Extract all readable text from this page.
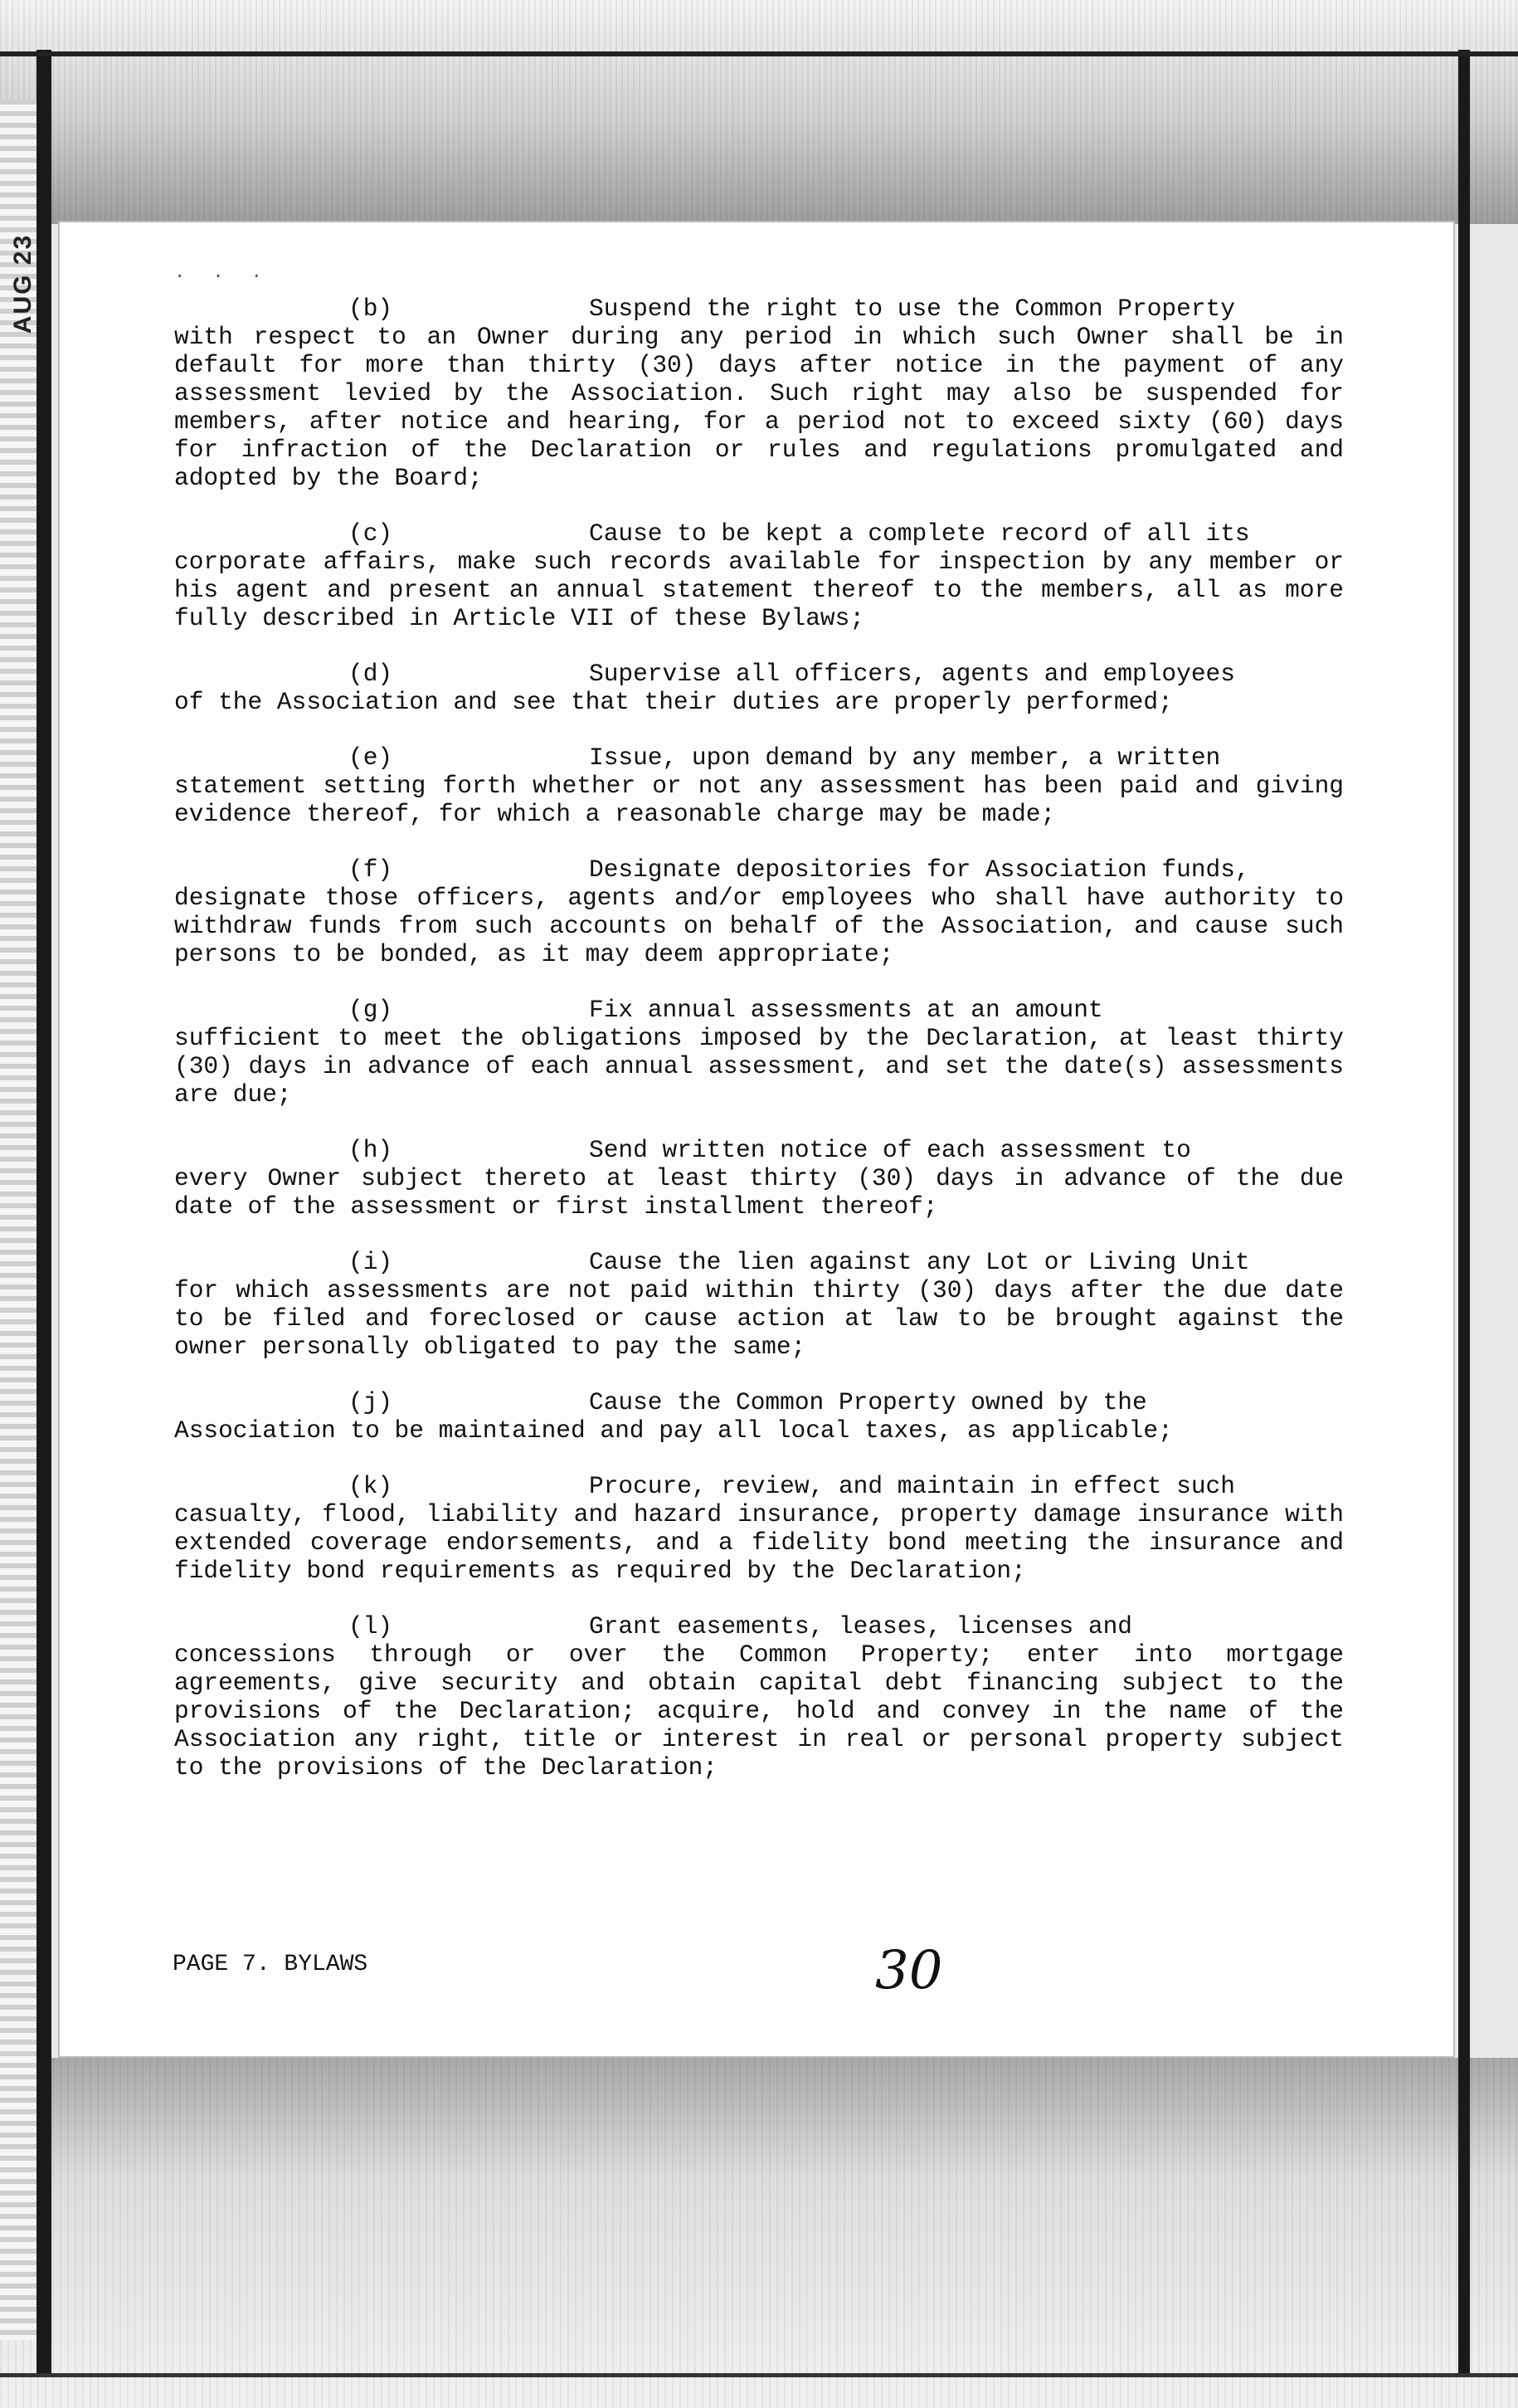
AUG 23	. . .

(b)	Suspend the right to use the Common Property
with respect to an Owner during any period in which such Owner shall be in default for more than thirty (30) days after notice in the payment of any assessment levied by the Association. Such right may also be suspended for members, after notice and hearing, for a period not to exceed sixty (60) days for infraction of the Declaration or rules and regulations promulgated and adopted by the Board;

(c)	Cause to be kept a complete record of all its
corporate affairs, make such records available for inspection by any member or his agent and present an annual statement thereof to the members, all as more fully described in Article VII of these Bylaws;

(d)	Supervise all officers, agents and employees
of the Association and see that their duties are properly performed;

(e)	Issue, upon demand by any member, a written
statement setting forth whether or not any assessment has been paid and giving evidence thereof, for which a reasonable charge may be made;

(f)	Designate depositories for Association funds,
designate those officers, agents and/or employees who shall have authority to withdraw funds from such accounts on behalf of the Association, and cause such persons to be bonded, as it may deem appropriate;

(g)	Fix annual assessments at an amount
sufficient to meet the obligations imposed by the Declaration, at least thirty (30) days in advance of each annual assessment, and set the date(s) assessments are due;

(h)	Send written notice of each assessment to
every Owner subject thereto at least thirty (30) days in advance of the due date of the assessment or first installment thereof;

(i)	Cause the lien against any Lot or Living Unit
for which assessments are not paid within thirty (30) days after the due date to be filed and foreclosed or cause action at law to be brought against the owner personally obligated to pay the same;

(j)	Cause the Common Property owned by the
Association to be maintained and pay all local taxes, as applicable;

(k)	Procure, review, and maintain in effect such
casualty, flood, liability and hazard insurance, property damage insurance with extended coverage endorsements, and a fidelity bond meeting the insurance and fidelity bond requirements as required by the Declaration;

(l)	Grant easements, leases, licenses and
concessions through or over the Common Property; enter into mortgage agreements, give security and obtain capital debt financing subject to the provisions of the Declaration; acquire, hold and convey in the name of the Association any right, title or interest in real or personal property subject to the provisions of the Declaration;

PAGE 7. BYLAWS	30
